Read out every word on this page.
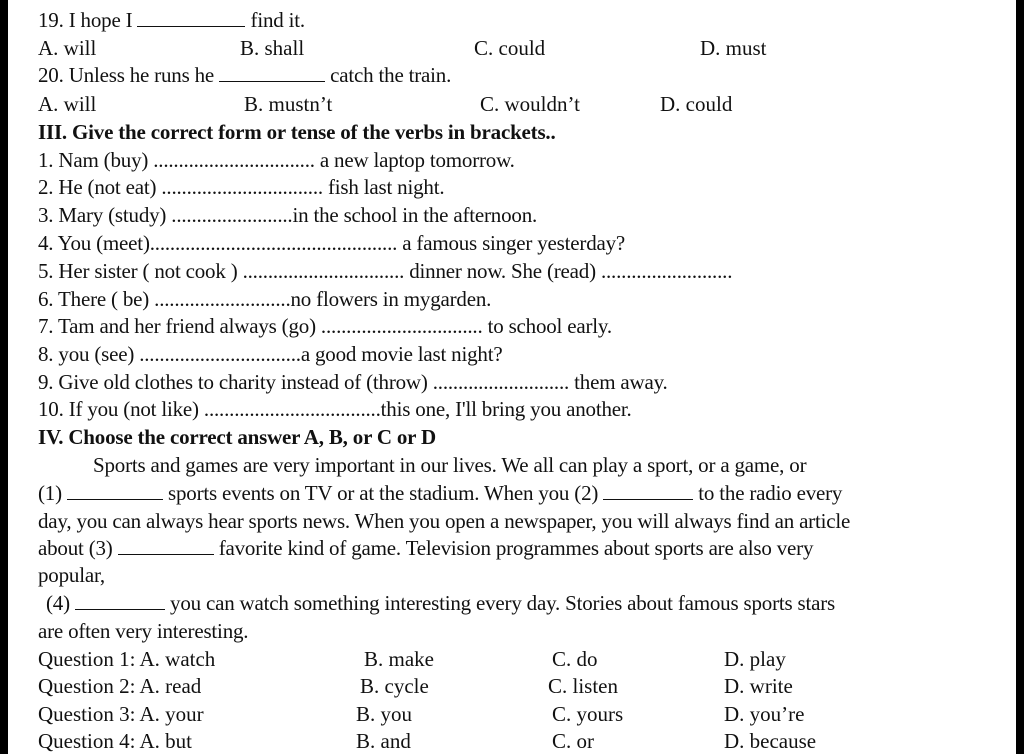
19. I hope I	find it.
A. will	B. shall	C. could	D. must
20. Unless he runs he	catch the train.
A. will	B. mustn’t	C. wouldn’t	D. could
III. Give the correct form or tense of the verbs in brackets..
1. Nam (buy) ................................ a new laptop tomorrow.
2. He (not eat) ................................ fish last night.
3. Mary (study) ........................in the school in the afternoon.
4. You (meet)................................................. a famous singer yesterday?
5. Her sister ( not cook ) ................................ dinner now. She (read) ..........................
6. There ( be) ...........................no flowers in mygarden.
7. Tam and her friend always (go) ................................ to school early.
8. you (see) ................................a good movie last night?
9. Give old clothes to charity instead of (throw) ........................... them away.
10. If you (not like) ...................................this one, I'll bring you another.
IV. Choose the correct answer A, B, or C or D
Sports and games are very important in our lives. We all can play a sport, or a game, or
(1)	sports events on TV or at the stadium. When you (2)	to the radio every
day, you can always hear sports news. When you open a newspaper, you will always find an article
about (3)	favorite kind of game. Television programmes about sports are also very
popular,
(4)	you can watch something interesting every day. Stories about famous sports stars
are often very interesting.
Question 1: A. watch	B. make	C. do	D. play
Question 2: A. read	B. cycle	C. listen	D. write
Question 3: A. your	B. you	C. yours	D. you’re
Question 4: A. but	B. and	C. or	D. because
